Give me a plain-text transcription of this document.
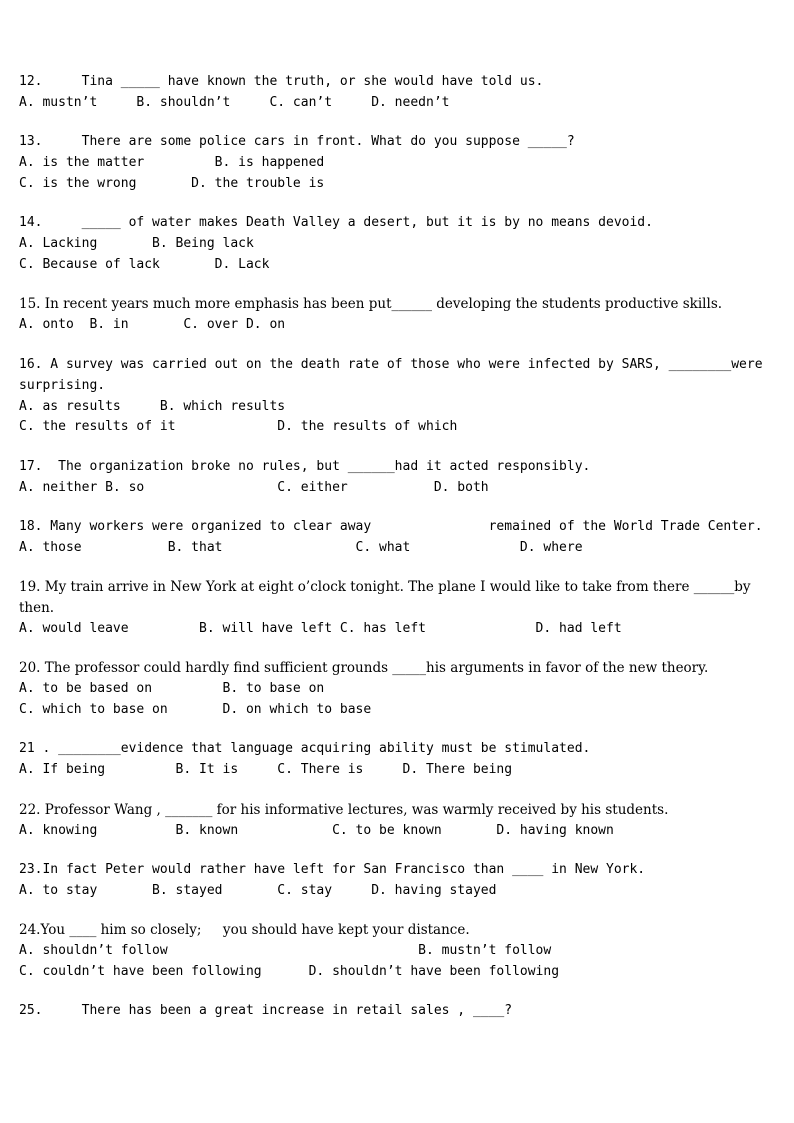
12.     Tina _____ have known the truth, or she would have told us.
A. mustn’t     B. shouldn’t     C. can’t     D. needn’t
13.     There are some police cars in front. What do you suppose _____?
A. is the matter         B. is happened
C. is the wrong       D. the trouble is
14.     _____ of water makes Death Valley a desert, but it is by no means devoid.
A. Lacking       B. Being lack
C. Because of lack       D. Lack
15. In recent years much more emphasis has been put______ developing the students productive skills.
A. onto  B. in       C. over D. on
16. A survey was carried out on the death rate of those who were infected by SARS, ________were surprising.
A. as results     B. which results
C. the results of it             D. the results of which
17.  The organization broke no rules, but ______had it acted responsibly.
A. neither B. so                 C. either           D. both
18. Many workers were organized to clear away               remained of the World Trade Center.
A. those           B. that                 C. what              D. where
19. My train arrive in New York at eight o’clock tonight. The plane I would like to take from there ______by then.
A. would leave         B. will have left C. has left              D. had left
20. The professor could hardly find sufficient grounds _____his arguments in favor of the new theory.
A. to be based on         B. to base on
C. which to base on       D. on which to base
21 . ________evidence that language acquiring ability must be stimulated.
A. If being         B. It is     C. There is     D. There being
22. Professor Wang , _______ for his informative lectures, was warmly received by his students.
A. knowing          B. known            C. to be known       D. having known
23.In fact Peter would rather have left for San Francisco than ____ in New York.
A. to stay       B. stayed       C. stay     D. having stayed
24.You ____ him so closely;     you should have kept your distance.
A. shouldn’t follow                                B. mustn’t follow
C. couldn’t have been following      D. shouldn’t have been following
25.     There has been a great increase in retail sales , ____?
